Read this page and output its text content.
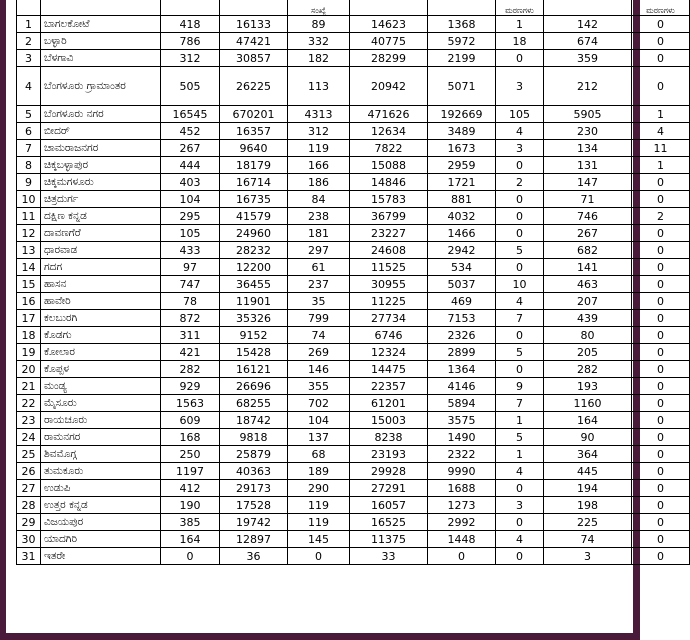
				ಸಂಖ್ಯೆ			ಮರಣಗಳು		ಮರಣಗಳು
1	ಬಾಗಲಕೋಟೆ	418	16133	89	14623	1368	1	142	0
2	ಬಳ್ಳಾರಿ	786	47421	332	40775	5972	18	674	0
3	ಬೆಳಗಾವಿ	312	30857	182	28299	2199	0	359	0
4	ಬೆಂಗಳೂರು ಗ್ರಾಮಾಂತರ	505	26225	113	20942	5071	3	212	0
5	ಬೆಂಗಳೂರು ನಗರ	16545	670201	4313	471626	192669	105	5905	1
6	ಬೀದರ್	452	16357	312	12634	3489	4	230	4
7	ಚಾಮರಾಜನಗರ	267	9640	119	7822	1673	3	134	11
8	ಚಿಕ್ಕಬಳ್ಳಾಪುರ	444	18179	166	15088	2959	0	131	1
9	ಚಿಕ್ಕಮಗಳೂರು	403	16714	186	14846	1721	2	147	0
10	ಚಿತ್ರದುರ್ಗ	104	16735	84	15783	881	0	71	0
11	ದಕ್ಷಿಣ ಕನ್ನಡ	295	41579	238	36799	4032	0	746	2
12	ದಾವಣಗೆರೆ	105	24960	181	23227	1466	0	267	0
13	ಧಾರವಾಡ	433	28232	297	24608	2942	5	682	0
14	ಗದಗ	97	12200	61	11525	534	0	141	0
15	ಹಾಸನ	747	36455	237	30955	5037	10	463	0
16	ಹಾವೇರಿ	78	11901	35	11225	469	4	207	0
17	ಕಲಬುರಗಿ	872	35326	799	27734	7153	7	439	0
18	ಕೊಡಗು	311	9152	74	6746	2326	0	80	0
19	ಕೋಲಾರ	421	15428	269	12324	2899	5	205	0
20	ಕೊಪ್ಪಳ	282	16121	146	14475	1364	0	282	0
21	ಮಂಡ್ಯ	929	26696	355	22357	4146	9	193	0
22	ಮೈಸೂರು	1563	68255	702	61201	5894	7	1160	0
23	ರಾಯಚೂರು	609	18742	104	15003	3575	1	164	0
24	ರಾಮನಗರ	168	9818	137	8238	1490	5	90	0
25	ಶಿವಮೊಗ್ಗ	250	25879	68	23193	2322	1	364	0
26	ತುಮಕೂರು	1197	40363	189	29928	9990	4	445	0
27	ಉಡುಪಿ	412	29173	290	27291	1688	0	194	0
28	ಉತ್ತರ ಕನ್ನಡ	190	17528	119	16057	1273	3	198	0
29	ವಿಜಯಪುರ	385	19742	119	16525	2992	0	225	0
30	ಯಾದಗಿರಿ	164	12897	145	11375	1448	4	74	0
31	ಇತರೇ	0	36	0	33	0	0	3	0
